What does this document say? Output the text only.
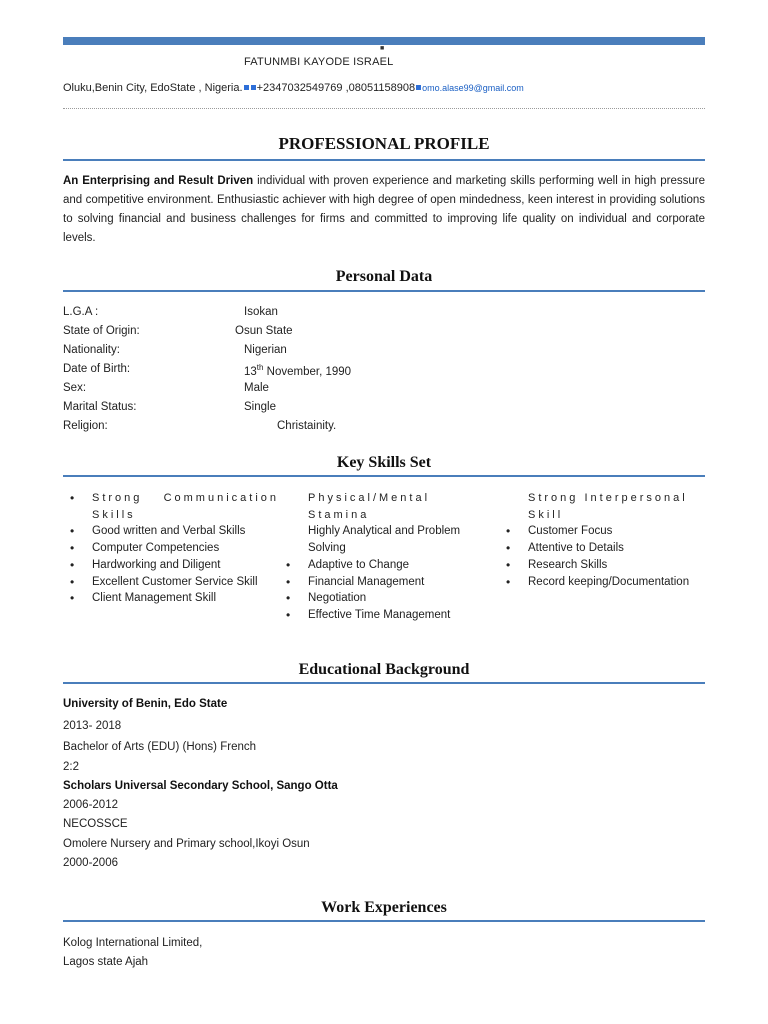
■
FATUNMBI KAYODE ISRAEL
Oluku,Benin City, EdoState , Nigeria. +2347032549769 ,08051158908 omo.alase99@gmail.com
PROFESSIONAL PROFILE
An Enterprising and Result Driven individual with proven experience and marketing skills performing well in high pressure and competitive environment. Enthusiastic achiever with high degree of open mindedness, keen interest in providing solutions to solving financial and business challenges for firms and committed to improving life quality on individual and corporate levels.
Personal Data
L.G.A :	Isokan
State of Origin:	Osun State
Nationality:	Nigerian
Date of Birth:	13th November, 1990
Sex:	Male
Marital Status:	Single
Religion:	Christainity.
Key Skills Set
• Strong Communication Skills
• Good written and Verbal Skills
• Computer Competencies
• Hardworking and Diligent
• Excellent Customer Service Skill
• Client Management Skill
Physical/Mental Stamina
Highly Analytical and Problem Solving
• Adaptive to Change
• Financial Management
• Negotiation
• Effective Time Management
Strong Interpersonal Skill
• Customer Focus
• Attentive to Details
• Research Skills
• Record keeping/Documentation
Educational Background
University of Benin, Edo State
2013- 2018
Bachelor of Arts (EDU) (Hons) French
2:2
Scholars Universal Secondary School, Sango Otta
2006-2012
NECOSSCE
Omolere Nursery and Primary school,Ikoyi Osun
2000-2006
Work Experiences
Kolog International Limited,
Lagos state Ajah
